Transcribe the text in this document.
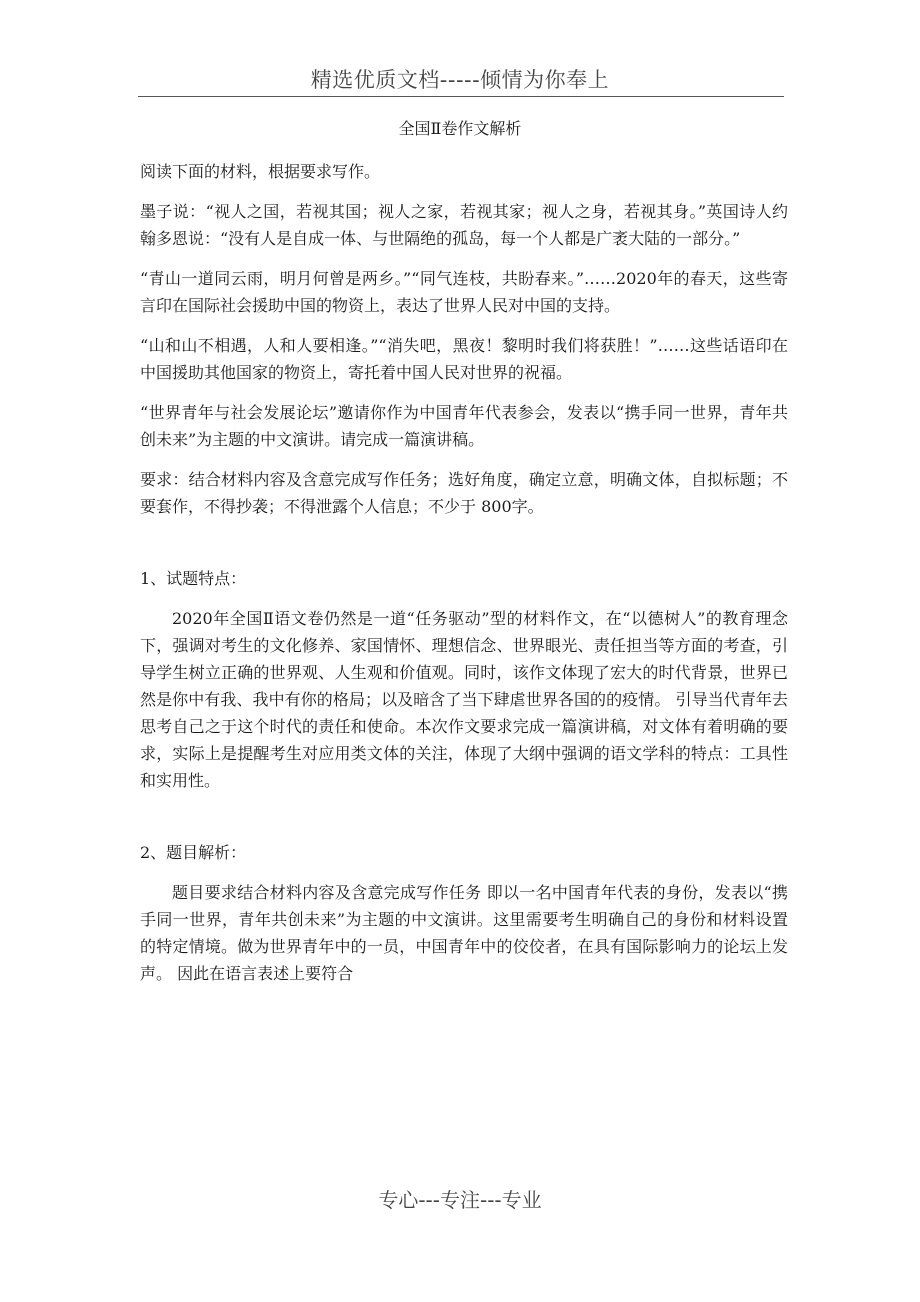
精选优质文档-----倾情为你奉上
全国Ⅱ卷作文解析

阅读下面的材料，根据要求写作。

墨子说：“视人之国，若视其国；视人之家，若视其家；视人之身，若视其身。”英国诗人约翰多恩说：“没有人是自成一体、与世隔绝的孤岛，每一个人都是广袤大陆的一部分。”

“青山一道同云雨，明月何曾是两乡。”“同气连枝，共盼春来。”……2020年的春天，这些寄言印在国际社会援助中国的物资上，表达了世界人民对中国的支持。

“山和山不相遇，人和人要相逢。”“消失吧，黑夜！黎明时我们将获胜！”……这些话语印在中国援助其他国家的物资上，寄托着中国人民对世界的祝福。

“世界青年与社会发展论坛”邀请你作为中国青年代表参会，发表以“携手同一世界，青年共创未来”为主题的中文演讲。请完成一篇演讲稿。

要求：结合材料内容及含意完成写作任务；选好角度，确定立意，明确文体，自拟标题；不要套作，不得抄袭；不得泄露个人信息；不少于 800字。

1、试题特点：

2020年全国Ⅱ语文卷仍然是一道“任务驱动”型的材料作文，在“以德树人”的教育理念下，强调对考生的文化修养、家国情怀、理想信念、世界眼光、责任担当等方面的考查，引导学生树立正确的世界观、人生观和价值观。同时，该作文体现了宏大的时代背景，世界已然是你中有我、我中有你的格局；以及暗含了当下肆虐世界各国的的疫情。 引导当代青年去思考自己之于这个时代的责任和使命。本次作文要求完成一篇演讲稿，对文体有着明确的要求，实际上是提醒考生对应用类文体的关注，体现了大纲中强调的语文学科的特点：工具性和实用性。

2、题目解析：

题目要求结合材料内容及含意完成写作任务 即以一名中国青年代表的身份，发表以“携手同一世界，青年共创未来”为主题的中文演讲。这里需要考生明确自己的身份和材料设置的特定情境。做为世界青年中的一员，中国青年中的佼佼者，在具有国际影响力的论坛上发声。 因此在语言表述上要符合

专心---专注---专业
